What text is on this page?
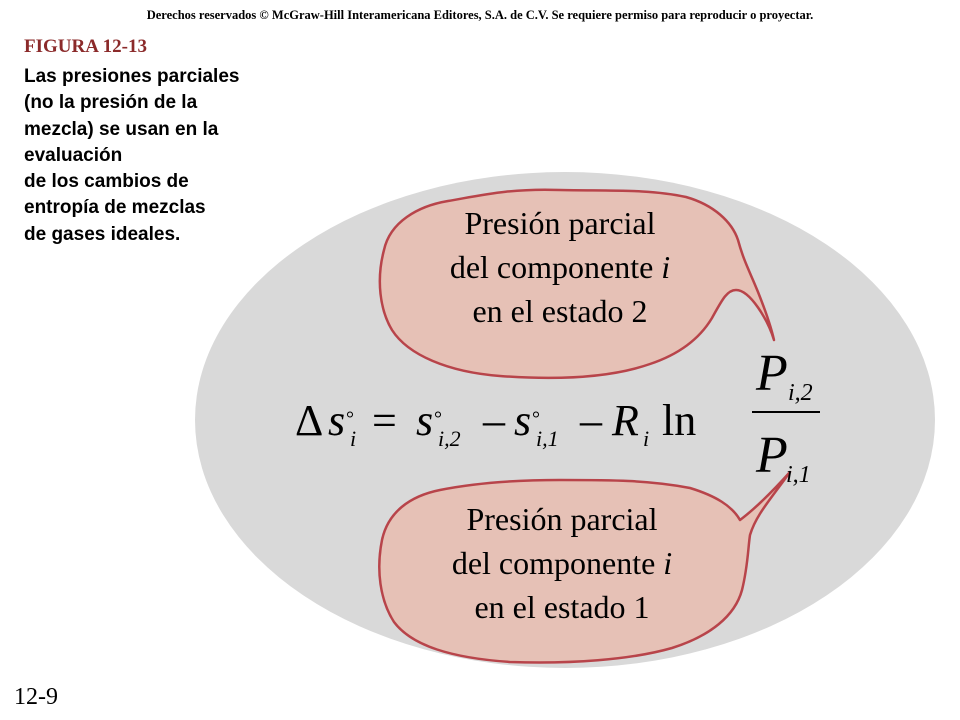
Derechos reservados © McGraw-Hill Interamericana Editores, S.A. de C.V. Se requiere permiso para reproducir o proyectar.
FIGURA 12-13
Las presiones parciales
(no la presión de la
mezcla) se usan en la
evaluación
de los cambios de
entropía de mezclas
de gases ideales.	Presión parcial
del componente i
en el estado 2
Presión parcial
del componente i
en el estado 1
Δ s °
i = s °
i,2 – s °
i,1 – R i ln
P i,2
P
i,1
12-9
